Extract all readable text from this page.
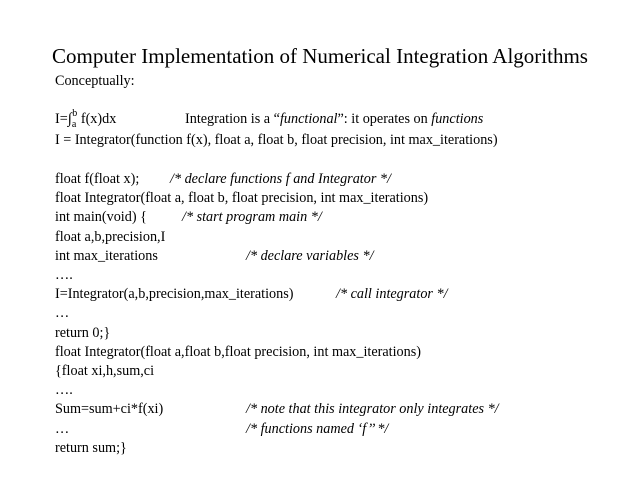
Computer Implementation of Numerical Integration Algorithms
Conceptually:
$I=\int_a^b$ f(x)dx	Integration is a “functional”: it operates on functions
I = Integrator(function f(x), float a, float b, float precision, int max_iterations)
float f(float x); /* declare functions f and Integrator */
float Integrator(float a, float b, float precision, int max_iterations)
int main(void) { /* start program main */
float a,b,precision,I
int max_iterations	/* declare variables */
….
I=Integrator(a,b,precision,max_iterations)	/* call integrator */
…
return 0;}
float Integrator(float a,float b,float precision, int max_iterations)
{float xi,h,sum,ci
….
Sum=sum+ci*f(xi)	/* note that this integrator only integrates */
…	/* functions named ‘f’’ */
return sum;}
